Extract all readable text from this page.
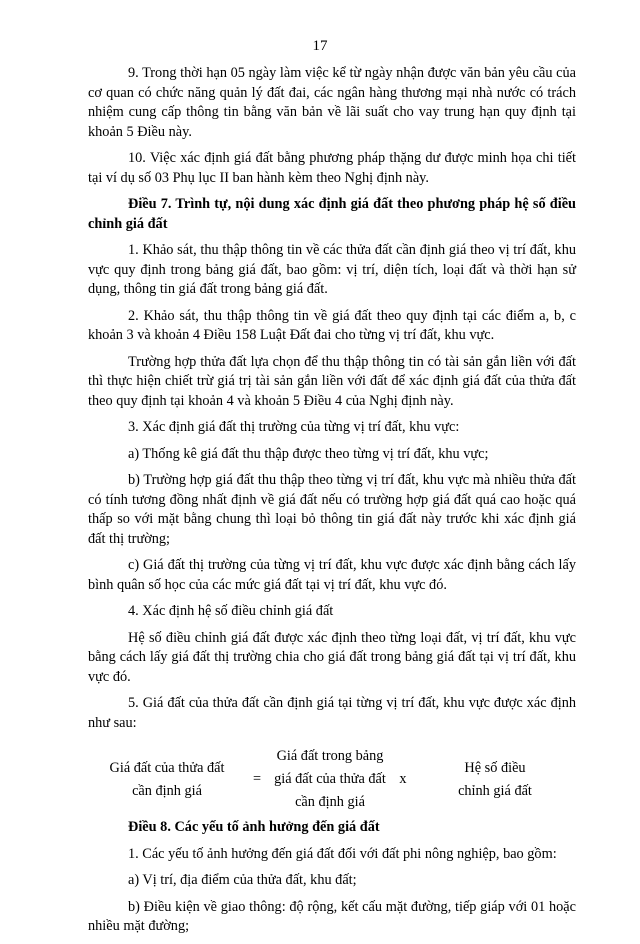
17

9. Trong thời hạn 05 ngày làm việc kể từ ngày nhận được văn bản yêu cầu của cơ quan có chức năng quản lý đất đai, các ngân hàng thương mại nhà nước có trách nhiệm cung cấp thông tin bằng văn bản về lãi suất cho vay trung hạn quy định tại khoản 5 Điều này.

10. Việc xác định giá đất bằng phương pháp thặng dư được minh họa chi tiết tại ví dụ số 03 Phụ lục II ban hành kèm theo Nghị định này.

Điều 7. Trình tự, nội dung xác định giá đất theo phương pháp hệ số điều chỉnh giá đất

1. Khảo sát, thu thập thông tin về các thửa đất cần định giá theo vị trí đất, khu vực quy định trong bảng giá đất, bao gồm: vị trí, diện tích, loại đất và thời hạn sử dụng, thông tin giá đất trong bảng giá đất.

2. Khảo sát, thu thập thông tin về giá đất theo quy định tại các điểm a, b, c khoản 3 và khoản 4 Điều 158 Luật Đất đai cho từng vị trí đất, khu vực.

Trường hợp thửa đất lựa chọn để thu thập thông tin có tài sản gắn liền với đất thì thực hiện chiết trừ giá trị tài sản gắn liền với đất để xác định giá đất của thửa đất theo quy định tại khoản 4 và khoản 5 Điều 4 của Nghị định này.

3. Xác định giá đất thị trường của từng vị trí đất, khu vực:

a) Thống kê giá đất thu thập được theo từng vị trí đất, khu vực;

b) Trường hợp giá đất thu thập theo từng vị trí đất, khu vực mà nhiều thửa đất có tính tương đồng nhất định về giá đất nếu có trường hợp giá đất quá cao hoặc quá thấp so với mặt bằng chung thì loại bỏ thông tin giá đất này trước khi xác định giá đất thị trường;

c) Giá đất thị trường của từng vị trí đất, khu vực được xác định bằng cách lấy bình quân số học của các mức giá đất tại vị trí đất, khu vực đó.

4. Xác định hệ số điều chỉnh giá đất

Hệ số điều chỉnh giá đất được xác định theo từng loại đất, vị trí đất, khu vực bằng cách lấy giá đất thị trường chia cho giá đất trong bảng giá đất tại vị trí đất, khu vực đó.

5. Giá đất của thửa đất cần định giá tại từng vị trí đất, khu vực được xác định như sau:

Giá đất của thửa đất
cần định giá
=
Giá đất trong bảng
giá đất của thửa đất
cần định giá
x
Hệ số điều
chỉnh giá đất

Điều 8. Các yếu tố ảnh hưởng đến giá đất

1. Các yếu tố ảnh hưởng đến giá đất đối với đất phi nông nghiệp, bao gồm:

a) Vị trí, địa điểm của thửa đất, khu đất;

b) Điều kiện về giao thông: độ rộng, kết cấu mặt đường, tiếp giáp với 01 hoặc nhiều mặt đường;
